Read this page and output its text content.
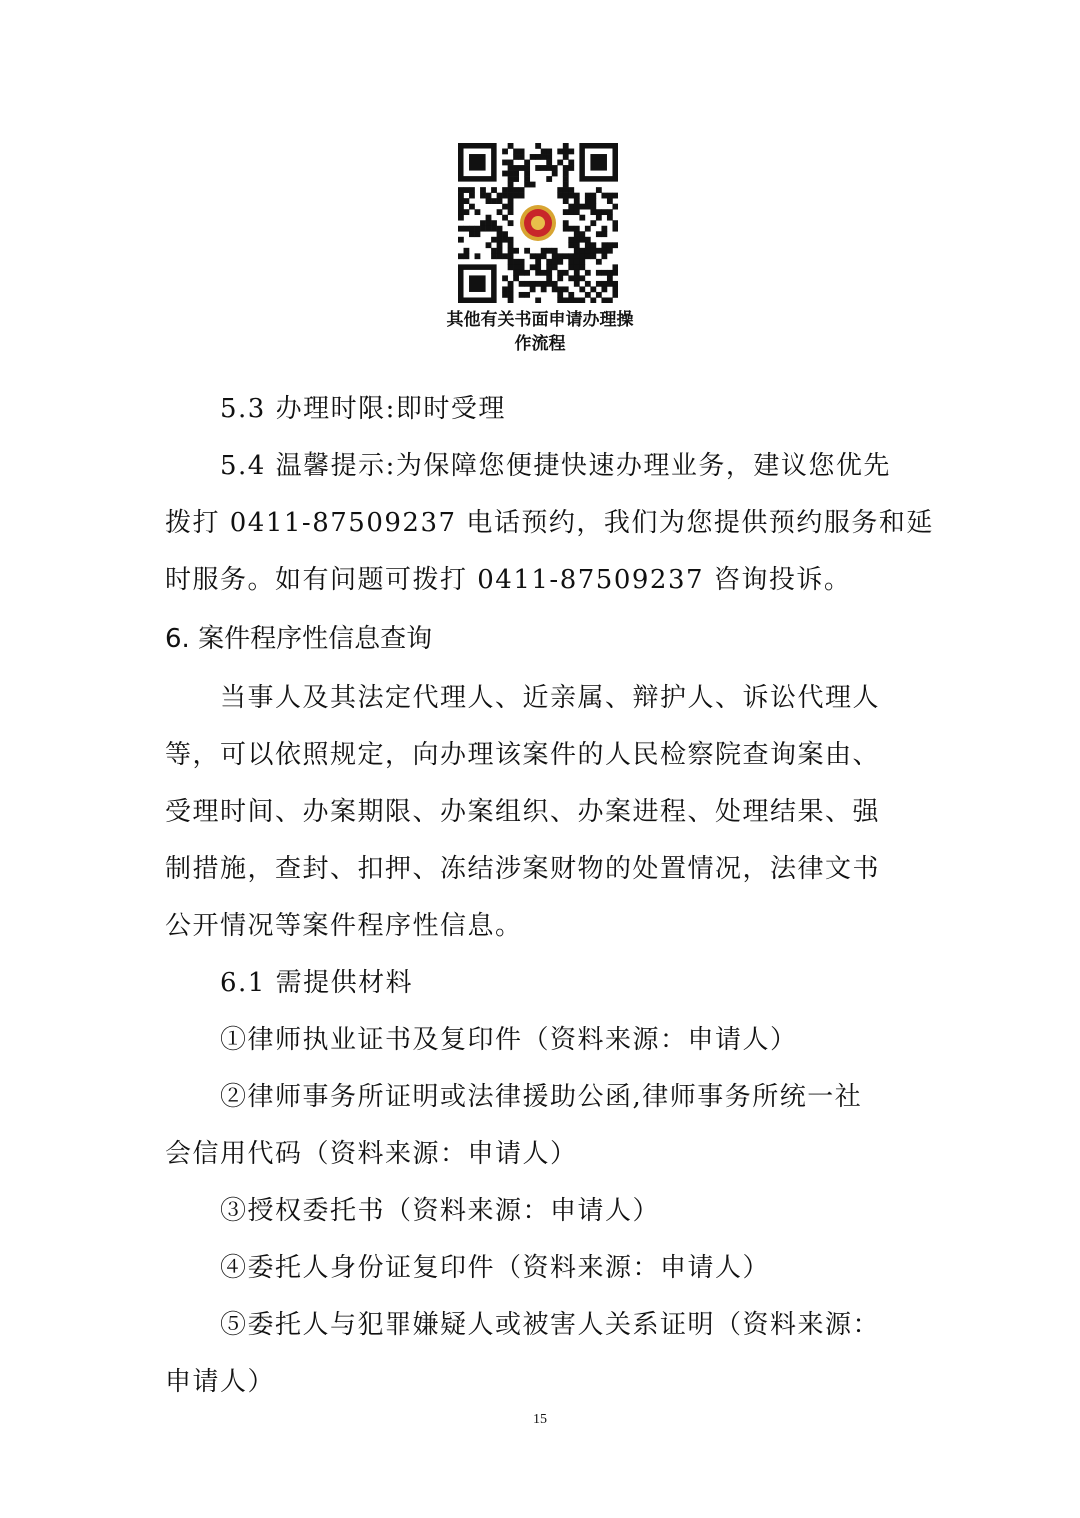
其他有关书面申请办理操
作流程
5.3 办理时限:即时受理
5.4 温馨提示:为保障您便捷快速办理业务，建议您优先
拨打 0411-87509237 电话预约，我们为您提供预约服务和延
时服务。如有问题可拨打 0411-87509237 咨询投诉。
6. 案件程序性信息查询
当事人及其法定代理人、近亲属、辩护人、诉讼代理人
等，可以依照规定，向办理该案件的人民检察院查询案由、
受理时间、办案期限、办案组织、办案进程、处理结果、强
制措施，查封、扣押、冻结涉案财物的处置情况，法律文书
公开情况等案件程序性信息。
6.1 需提供材料
①律师执业证书及复印件（资料来源：申请人）
②律师事务所证明或法律援助公函,律师事务所统一社
会信用代码（资料来源：申请人）
③授权委托书（资料来源：申请人）
④委托人身份证复印件（资料来源：申请人）
⑤委托人与犯罪嫌疑人或被害人关系证明（资料来源：
申请人）
15
